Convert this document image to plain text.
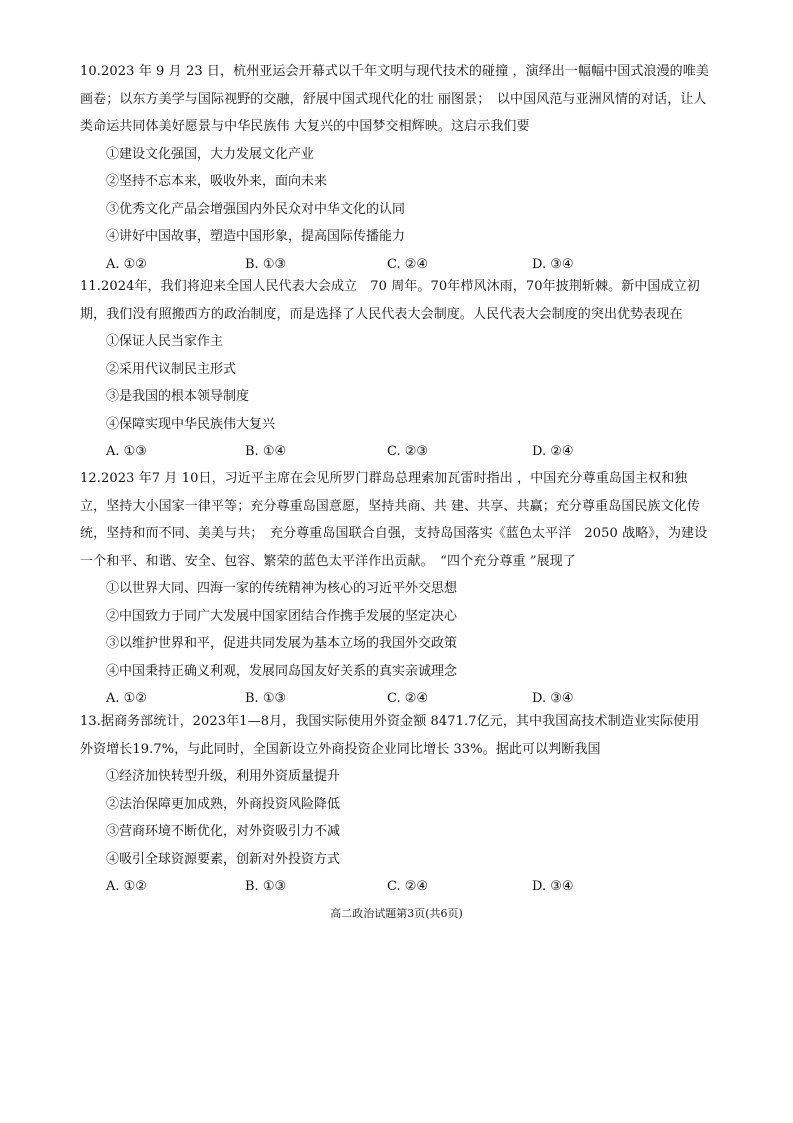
10.2023 年 9 月 23 日，杭州亚运会开幕式以千年文明与现代技术的碰撞 ，演绎出一幅幅中国式浪漫的唯美画卷；以东方美学与国际视野的交融，舒展中国式现代化的壮 丽图景；　以中国风范与亚洲风情的对话，让人类命运共同体美好愿景与中华民族伟 大复兴的中国梦交相辉映。这启示我们要

①建设文化强国，大力发展文化产业

②坚持不忘本来，吸收外来，面向未来

③优秀文化产品会增强国内外民众对中华文化的认同

④讲好中国故事，塑造中国形象，提高国际传播能力

A. ①②	B. ①③	C. ②④	D. ③④

11.2024年，我们将迎来全国人民代表大会成立　70 周年。70年栉风沐雨，70年披荆斩棘。新中国成立初期，我们没有照搬西方的政治制度，而是选择了人民代表大会制度。人民代表大会制度的突出优势表现在

①保证人民当家作主

②采用代议制民主形式

③是我国的根本领导制度

④保障实现中华民族伟大复兴

A. ①③	B. ①④	C. ②③	D. ②④

12.2023 年7 月 10日，习近平主席在会见所罗门群岛总理索加瓦雷时指出 ，中国充分尊重岛国主权和独立，坚持大小国家一律平等；充分尊重岛国意愿，坚持共商、共 建、共享、共赢；充分尊重岛国民族文化传统，坚持和而不同、美美与共；　充分尊重岛国联合自强，支持岛国落实《蓝色太平洋　2050 战略》，为建设一个和平、和谐、安全、包容、繁荣的蓝色太平洋作出贡献。　“四个充分尊重 ”展现了

①以世界大同、四海一家的传统精神为核心的习近平外交思想

②中国致力于同广大发展中国家团结合作携手发展的坚定决心

③以维护世界和平，促进共同发展为基本立场的我国外交政策

④中国秉持正确义利观，发展同岛国友好关系的真实亲诚理念

A. ①②	B. ①③	C. ②④	D. ③④

13.据商务部统计，2023年1—8月，我国实际使用外资金额 8471.7亿元，其中我国高技术制造业实际使用外资增长19.7%，与此同时，全国新设立外商投资企业同比增长 33%。据此可以判断我国

①经济加快转型升级，利用外资质量提升

②法治保障更加成熟，外商投资风险降低

③营商环境不断优化，对外资吸引力不减

④吸引全球资源要素，创新对外投资方式

A. ①②	B. ①③	C. ②④	D. ③④
高二政治试题第3页(共6页)
